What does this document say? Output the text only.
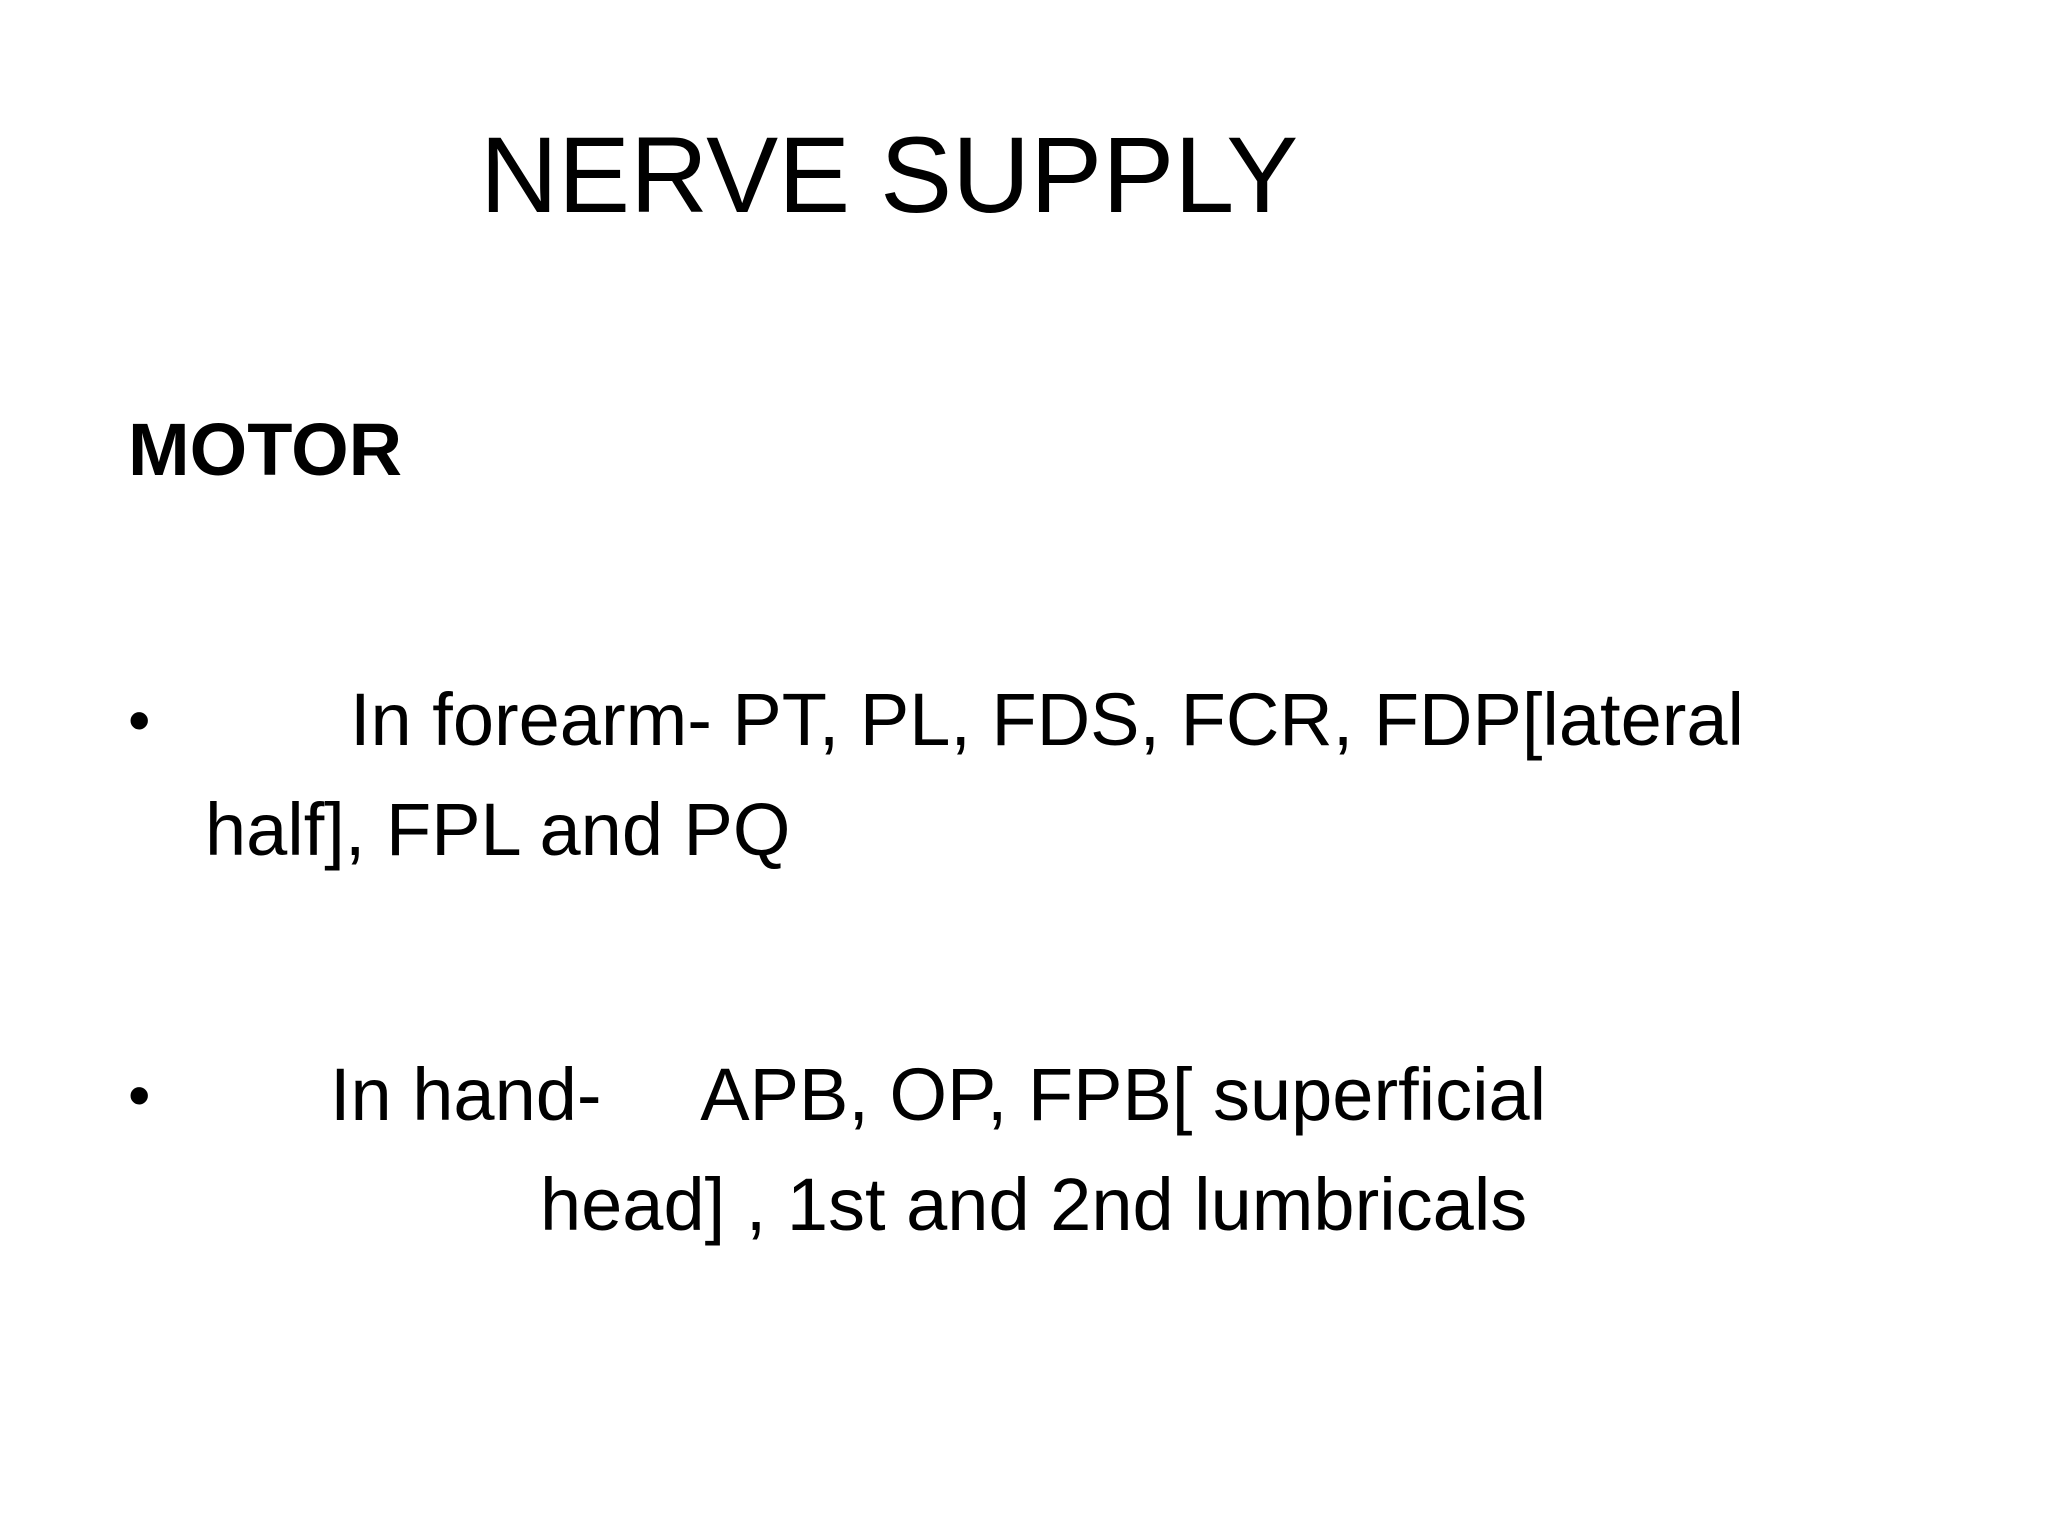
NERVE SUPPLY
MOTOR
•	In forearm- PT, PL, FDS, FCR, FDP[lateral
half], FPL and PQ
• In hand-     APB, OP, FPB[ superficial
head] , 1st and 2nd lumbricals
